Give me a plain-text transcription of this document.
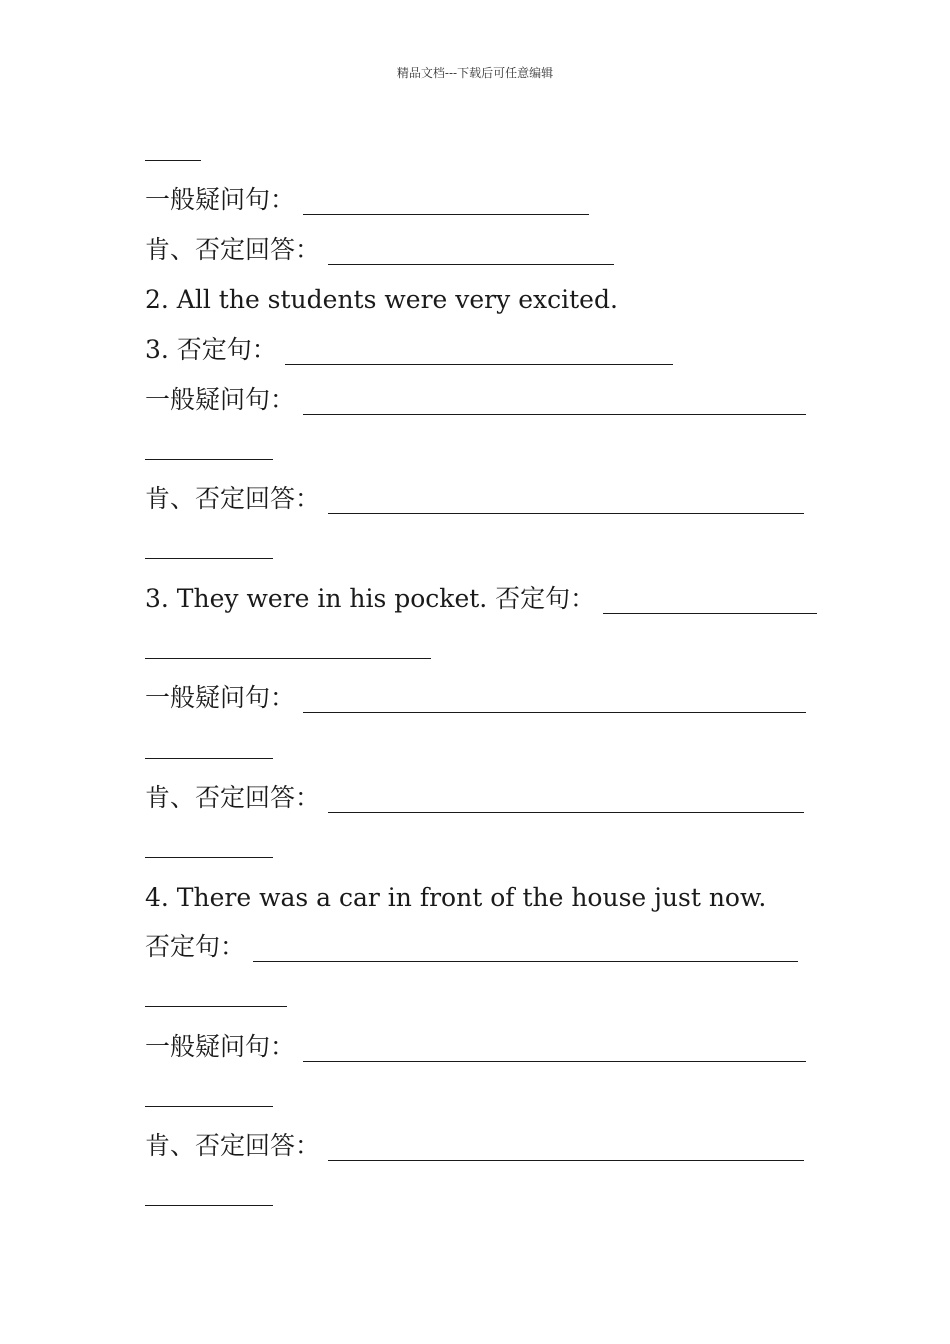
精品文档---下载后可任意编辑
一般疑问句：
肯、否定回答：
2. All the students were very excited.
3. 否定句：
一般疑问句：
肯、否定回答：
3. They were in his pocket. 否定句：
一般疑问句：
肯、否定回答：
4. There was a car in front of the house just now.
否定句：
一般疑问句：
肯、否定回答：
